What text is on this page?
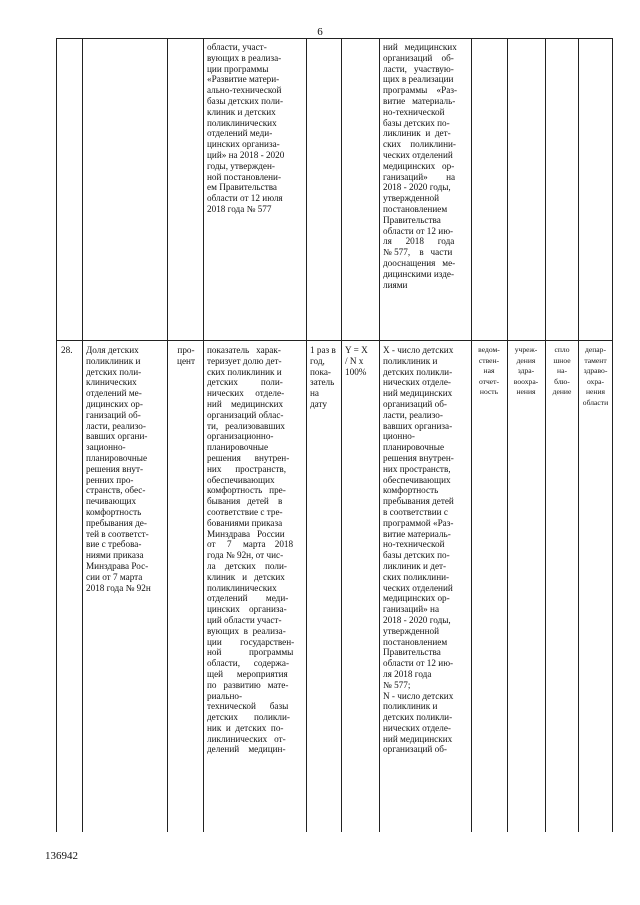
6
области, участ-
вующих в реализа-
ции программы
«Развитие матери-
ально-технической
базы детских поли-
клиник и детских
поликлинических
отделений меди-
цинских организа-
ций» на 2018 - 2020
годы, утвержден-
ной постановлени-
ем Правительства
области от 12 июля
2018 года № 577
ний   медицинских
организаций    об-
ласти,   участвую-
щих в реализации
программы    «Раз-
витие   материаль-
но-технической
базы детских по-
ликлиник  и  дет-
ских    поликлини-
ческих отделений
медицинских   ор-
ганизаций»        на
2018 - 2020 годы,
утвержденной
постановлением
Правительства
области от 12 ию-
ля      2018      года
№ 577,    в   части
дооснащения   ме-
дицинскими изде-
лиями
28. Доля детских
поликлиник и
детских поли-
клинических
отделений ме-
дицинских ор-
ганизаций об-
ласти, реализо-
вавших органи-
зационно-
планировочные
решения внут-
ренних про-
странств, обес-
печивающих
комфортность
пребывания де-
тей в соответст-
вие с требова-
ниями приказа
Минздрава Рос-
сии от 7 марта
2018 года № 92н
про-
цент
показатель   харак-
теризует долю дет-
ских поликлиник и
детских          поли-
нических     отделе-
ний    медицинских
организаций облас-
ти,   реализовавших
организационно-
планировочные
решения      внутрен-
них      пространств,
обеспечивающих
комфортность   пре-
бывания   детей    в
соответствие с тре-
бованиями приказа
Минздрава   России
от     7     марта    2018
года № 92н, от чис-
ла    детских    поли-
клиник   и   детских
поликлинических
отделений        меди-
цинских    организа-
ций области участ-
вующих  в  реализа-
ции        государствен-
ной            программы
области,      содержа-
щей      мероприятия
по   развитию   мате-
риально-
технической      базы
детских       поликли-
ник  и  детских  по-
ликлинических   от-
делений    медицин-
1 раз в
год,
пока-
затель
на
дату
Y = X
/ N x
100%
X - число детских
поликлиник и
детских поликли-
нических отделе-
ний медицинских
организаций об-
ласти, реализо-
вавших организа-
ционно-
планировочные
решения внутрен-
них пространств,
обеспечивающих
комфортность
пребывания детей
в соответствии с
программой «Раз-
витие материаль-
но-технической
базы детских по-
ликлиник и дет-
ских поликлини-
ческих отделений
медицинских ор-
ганизаций» на
2018 - 2020 годы,
утвержденной
постановлением
Правительства
области от 12 ию-
ля 2018 года
№ 577;
N - число детских
поликлиник и
детских поликли-
нических отделе-
ний медицинских
организаций об-
ведом-
ствен-
ная
отчет-
ность
учреж-
дения
здра-
воохра-
нения
спло
шное
на-
блю-
дение
депар-
тамент
здраво-
охра-
нения
области
136942
